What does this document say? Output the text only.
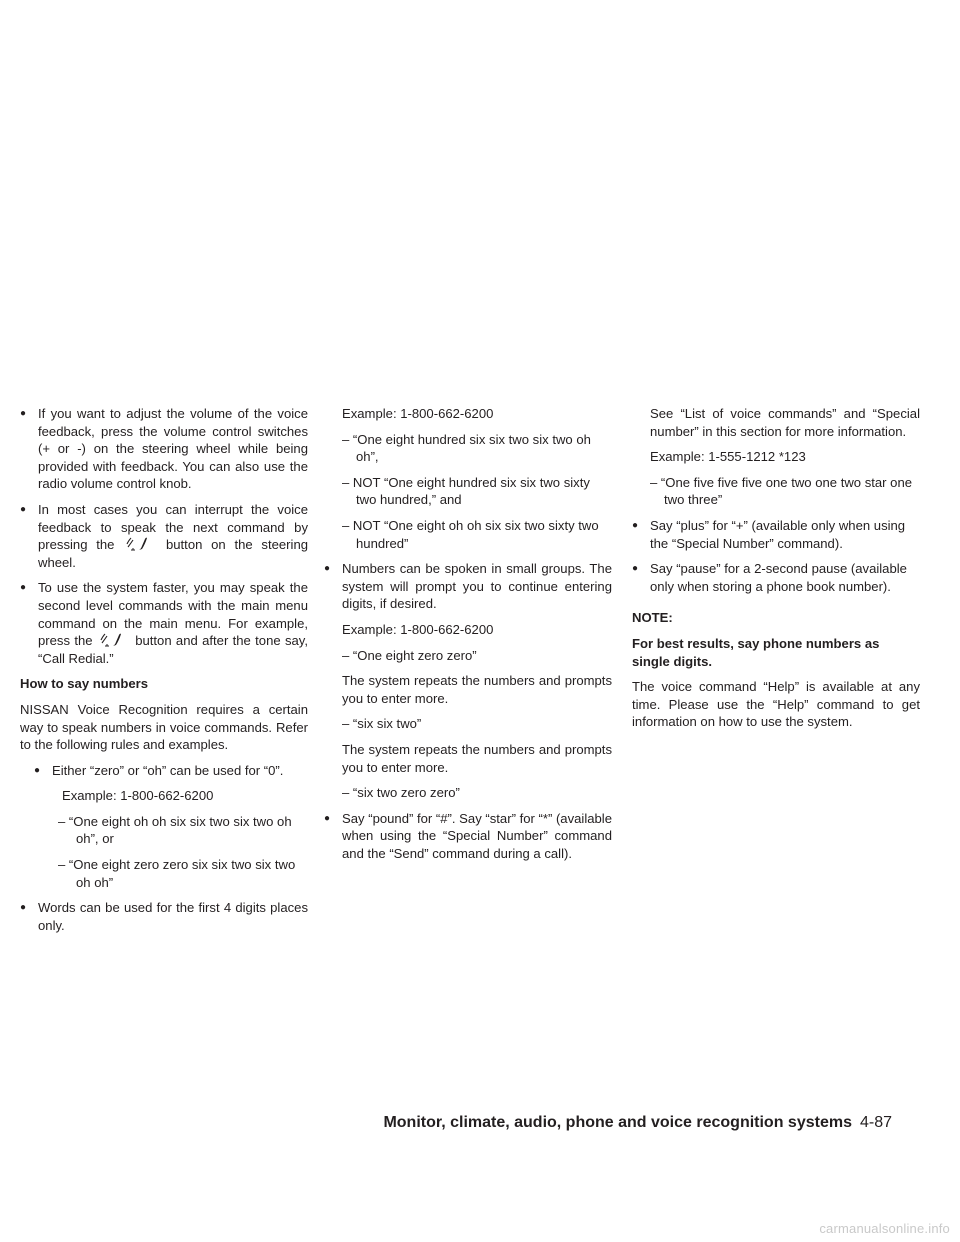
● If you want to adjust the volume of the voice feedback, press the volume control switches (+ or -) on the steering wheel while being provided with feedback. You can also use the radio volume control knob.
● In most cases you can interrupt the voice feedback to speak the next command by pressing the	button on the steering wheel.
● To use the system faster, you may speak the second level commands with the main menu command on the main menu. For example, press the	button and after the tone say, “Call Redial.”
How to say numbers
NISSAN Voice Recognition requires a certain way to speak numbers in voice commands. Refer to the following rules and examples.
● Either “zero” or “oh” can be used for “0”.
Example: 1-800-662-6200
– “One eight oh oh six six two six two oh oh”, or
– “One eight zero zero six six two six two oh oh”
● Words can be used for the first 4 digits places only.
Example: 1-800-662-6200
– “One eight hundred six six two six two oh oh”,
– NOT “One eight hundred six six two sixty two hundred,” and
– NOT “One eight oh oh six six two sixty two hundred”
● Numbers can be spoken in small groups. The system will prompt you to continue entering digits, if desired.
Example: 1-800-662-6200
– “One eight zero zero”
The system repeats the numbers and prompts you to enter more.
– “six six two”
The system repeats the numbers and prompts you to enter more.
– “six two zero zero”
● Say “pound” for “#”. Say “star” for “*” (available when using the “Special Number” command and the “Send” command during a call).
See “List of voice commands” and “Special number” in this section for more information.
Example: 1-555-1212 *123
– “One five five five one two one two star one two three”
● Say “plus” for “+” (available only when using the “Special Number” command).
● Say “pause” for a 2-second pause (available only when storing a phone book number).
NOTE:
For best results, say phone numbers as single digits.
The voice command “Help” is available at any time. Please use the “Help” command to get information on how to use the system.
Monitor, climate, audio, phone and voice recognition systems 4-87
carmanualsonline.info
